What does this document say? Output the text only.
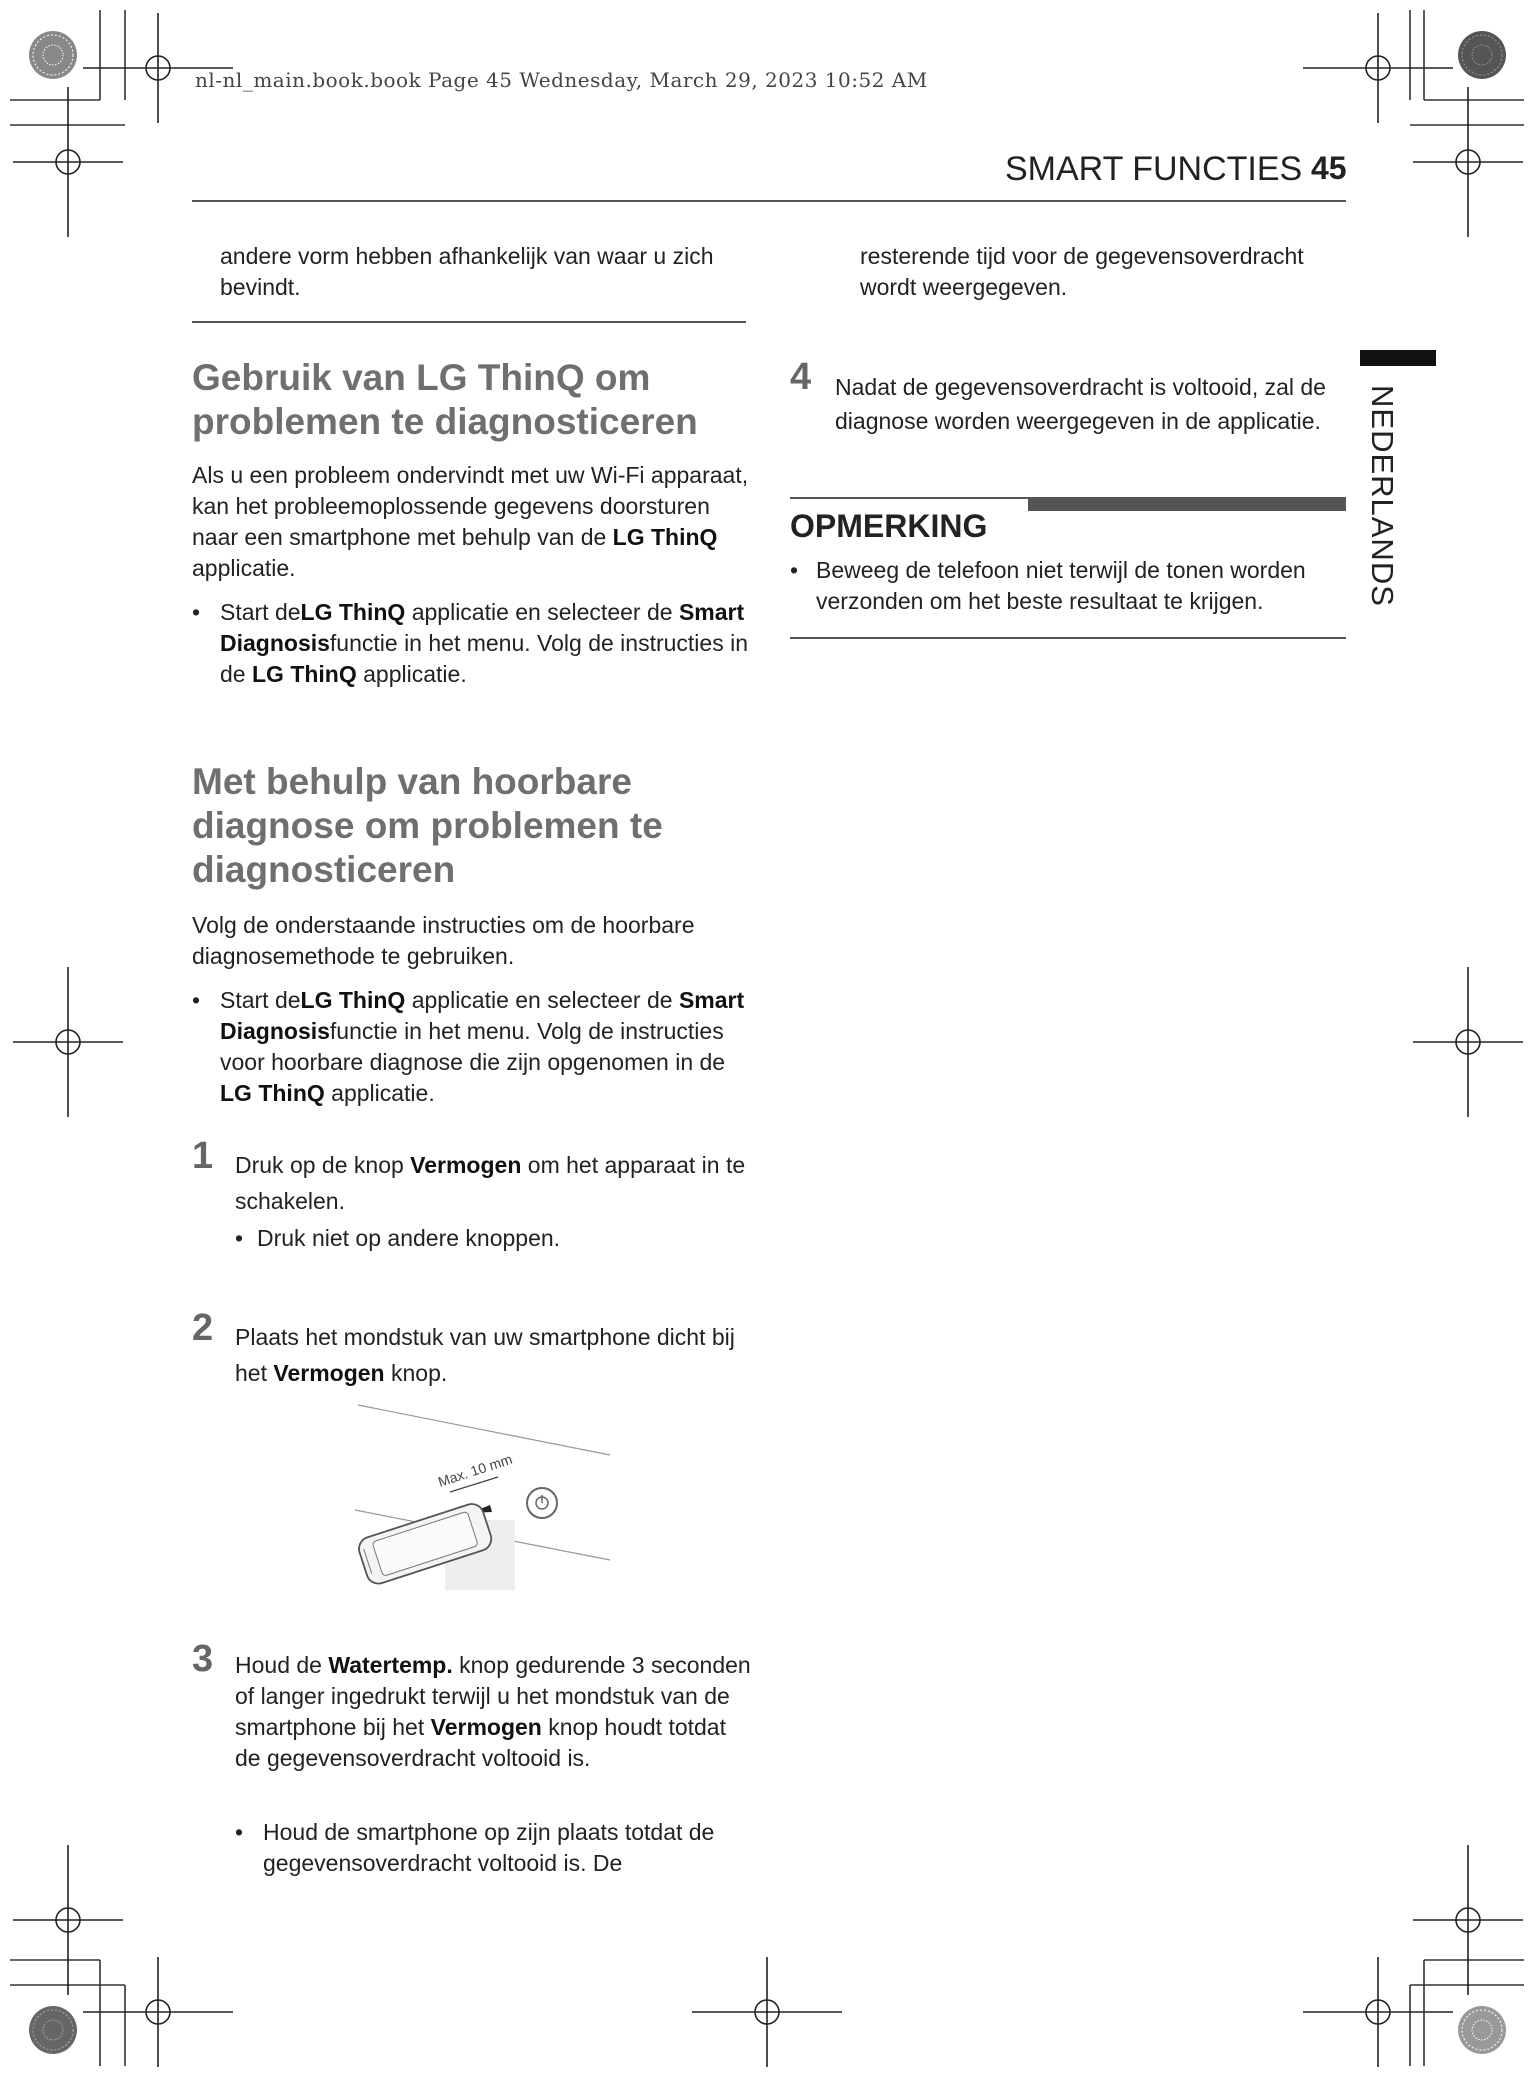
nl-nl_main.book.book Page 45 Wednesday, March 29, 2023 10:52 AM
SMART FUNCTIES 45
NEDERLANDS
andere vorm hebben afhankelijk van waar u zich bevindt.
Gebruik van LG ThinQ om problemen te diagnosticeren
Als u een probleem ondervindt met uw Wi-Fi apparaat, kan het probleemoplossende gegevens doorsturen naar een smartphone met behulp van de LG ThinQ applicatie.
• Start deLG ThinQ applicatie en selecteer de Smart Diagnosisfunctie in het menu. Volg de instructies in de LG ThinQ applicatie.
Met behulp van hoorbare diagnose om problemen te diagnosticeren
Volg de onderstaande instructies om de hoorbare diagnosemethode te gebruiken.
• Start deLG ThinQ applicatie en selecteer de Smart Diagnosisfunctie in het menu. Volg de instructies voor hoorbare diagnose die zijn opgenomen in de LG ThinQ applicatie.
1 Druk op de knop Vermogen om het apparaat in te schakelen.
• Druk niet op andere knoppen.
2 Plaats het mondstuk van uw smartphone dicht bij het Vermogen knop.
Max. 10 mm
3 Houd de Watertemp. knop gedurende 3 seconden of langer ingedrukt terwijl u het mondstuk van de smartphone bij het Vermogen knop houdt totdat de gegevensoverdracht voltooid is.
• Houd de smartphone op zijn plaats totdat de gegevensoverdracht voltooid is. De
resterende tijd voor de gegevensoverdracht wordt weergegeven.
4 Nadat de gegevensoverdracht is voltooid, zal de diagnose worden weergegeven in de applicatie.
OPMERKING
• Beweeg de telefoon niet terwijl de tonen worden verzonden om het beste resultaat te krijgen.
